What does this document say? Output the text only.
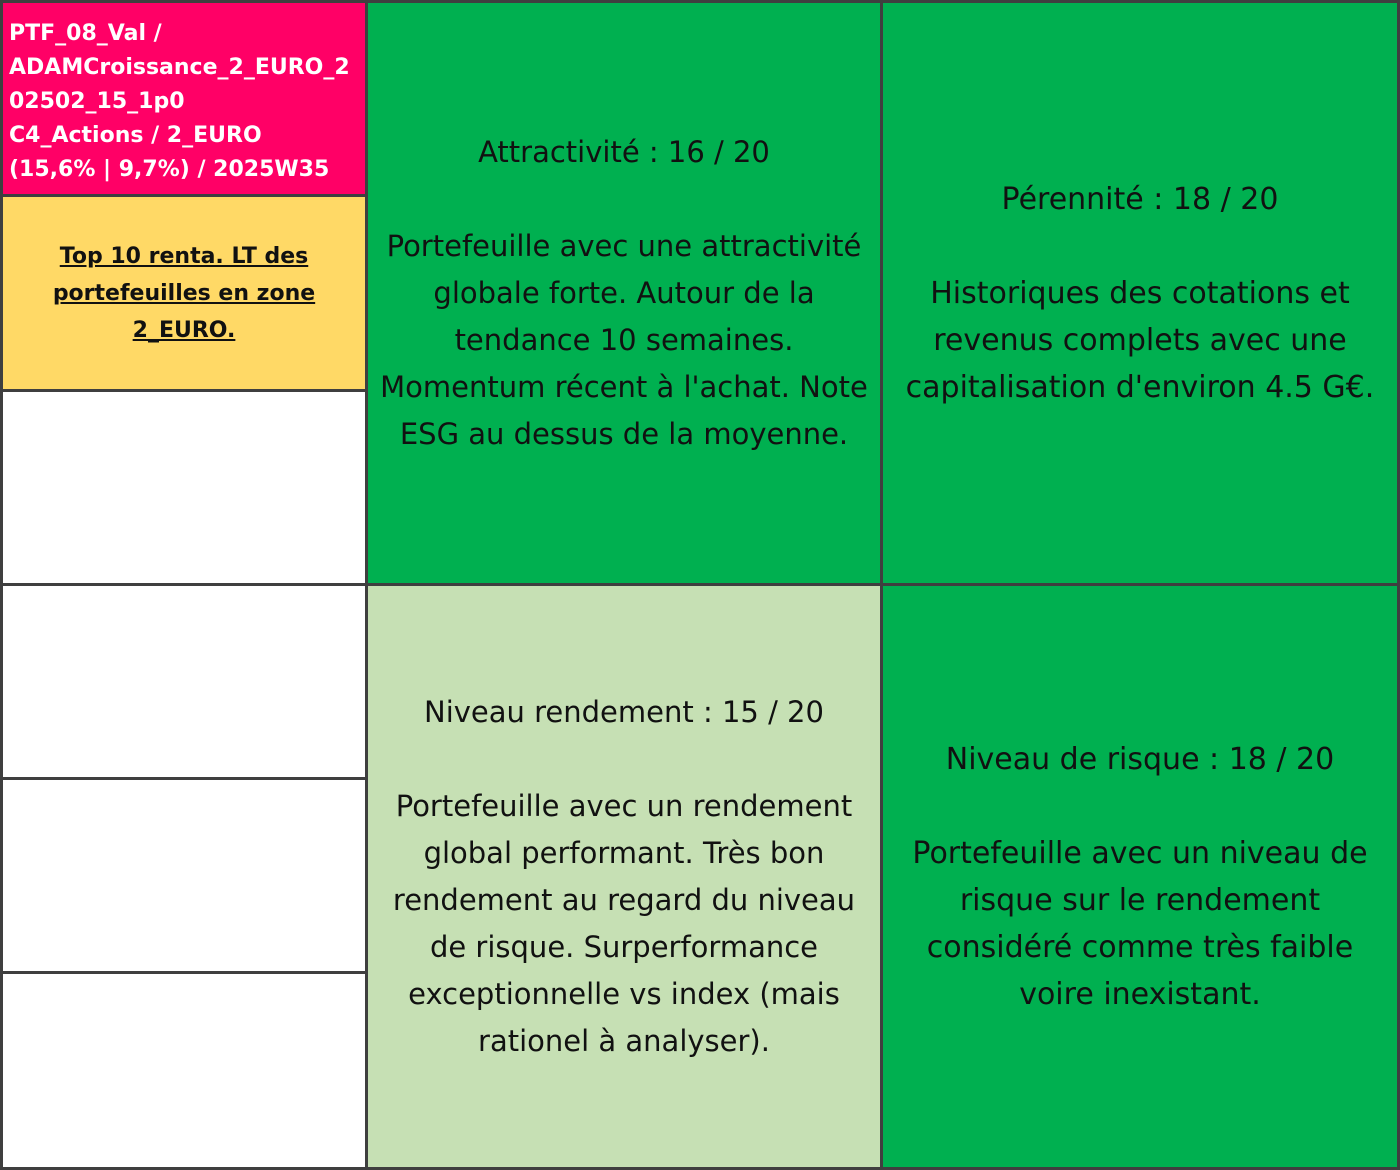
PTF_08_Val /
ADAMCroissance_2_EURO_202502_15_1p0
C4_Actions / 2_EURO
(15,6% | 9,7%) / 2025W35
Top 10 renta. LT des portefeuilles en zone 2_EURO.
Attractivité : 16 / 20
Portefeuille avec une attractivité globale forte. Autour de la tendance 10 semaines. Momentum récent à l'achat. Note ESG au dessus de la moyenne.
Pérennité : 18 / 20
Historiques des cotations et revenus complets avec une capitalisation d'environ 4.5 G€.
Niveau rendement : 15 / 20
Portefeuille avec un rendement global performant. Très bon rendement au regard du niveau de risque. Surperformance exceptionnelle vs index (mais rationel à analyser).
Niveau de risque : 18 / 20
Portefeuille avec un niveau de risque sur le rendement considéré comme très faible voire inexistant.
